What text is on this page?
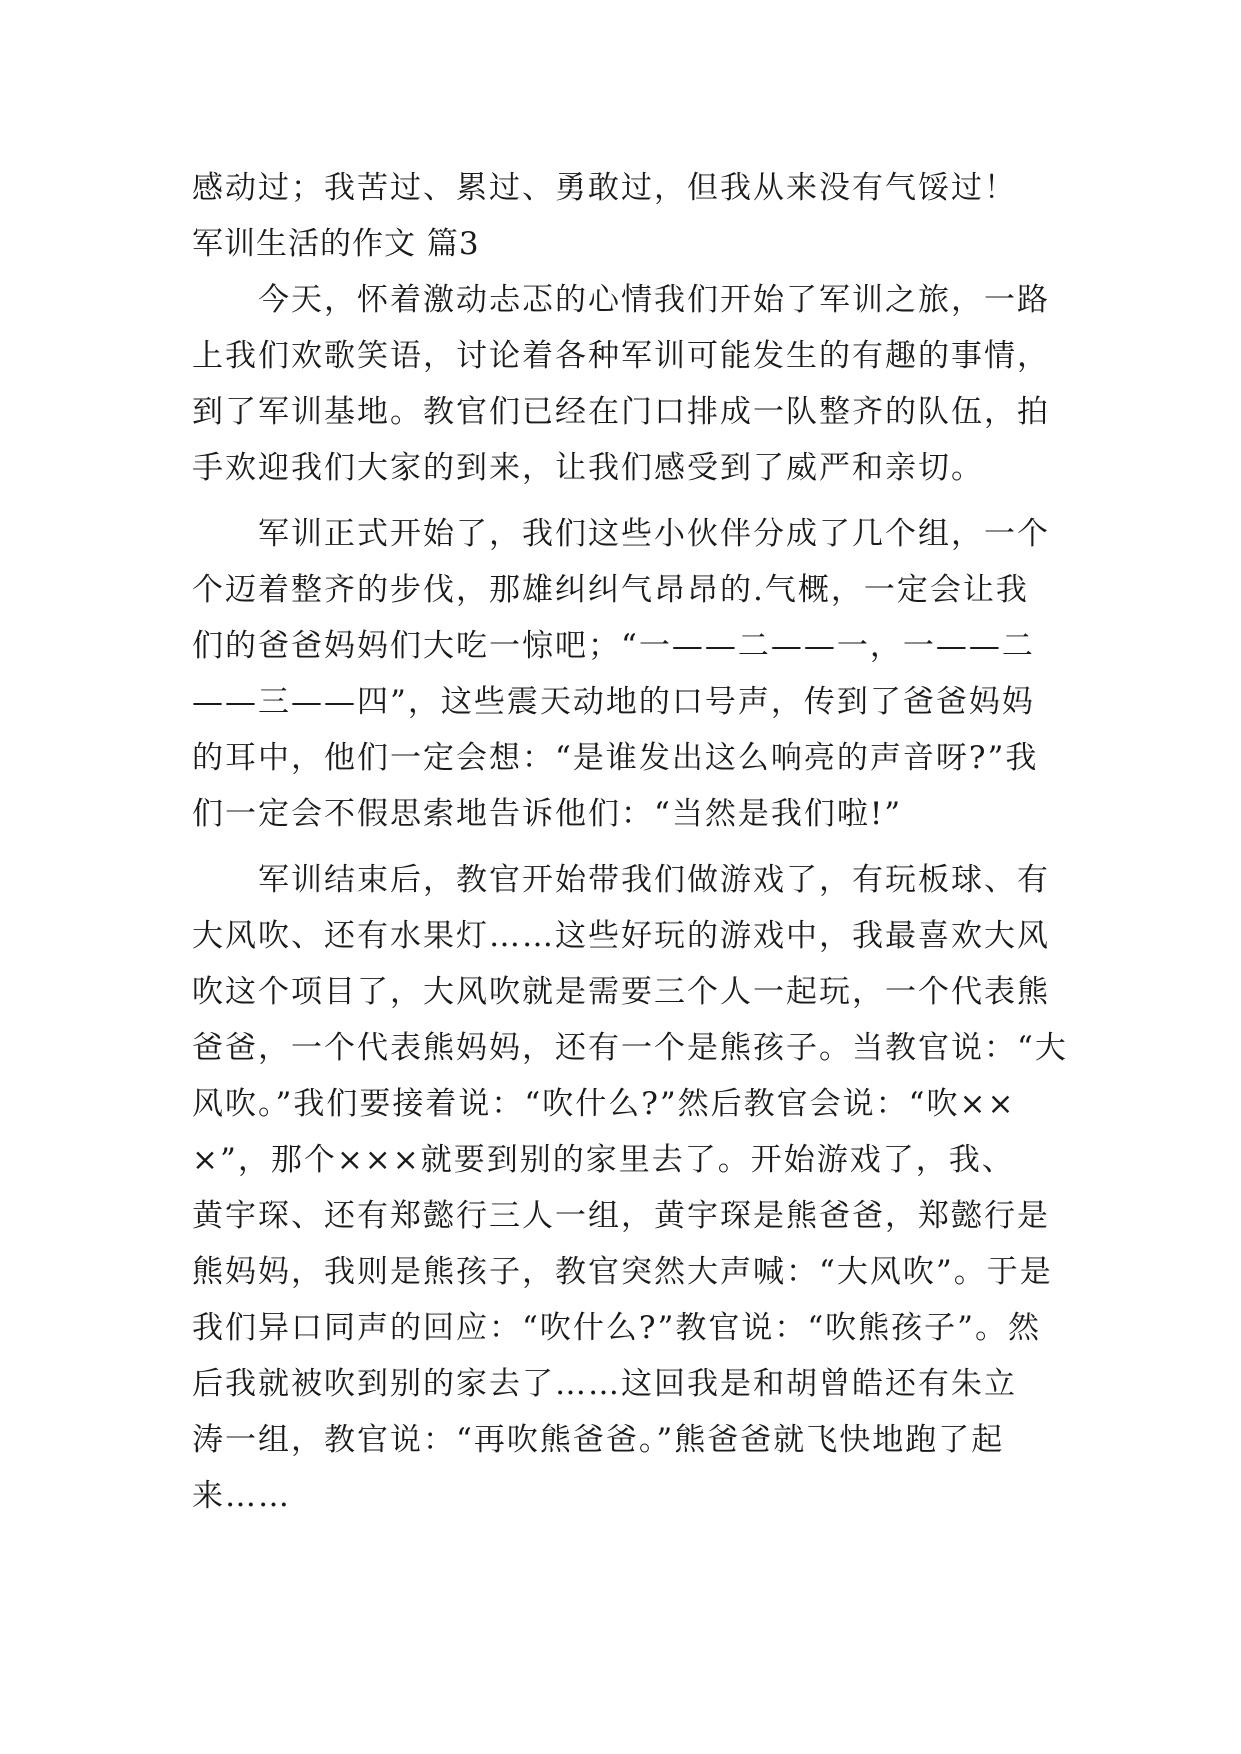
感动过；我苦过、累过、勇敢过，但我从来没有气馁过！
军训生活的作文 篇3
　　今天，怀着激动忐忑的心情我们开始了军训之旅，一路
上我们欢歌笑语，讨论着各种军训可能发生的有趣的事情，
到了军训基地。教官们已经在门口排成一队整齐的队伍，拍
手欢迎我们大家的到来，让我们感受到了威严和亲切。
　　军训正式开始了，我们这些小伙伴分成了几个组，一个
个迈着整齐的步伐，那雄纠纠气昂昂的.气概，一定会让我
们的爸爸妈妈们大吃一惊吧；“一——二——一，一——二
——三——四”，这些震天动地的口号声，传到了爸爸妈妈
的耳中，他们一定会想：“是谁发出这么响亮的声音呀?”我
们一定会不假思索地告诉他们：“当然是我们啦!”
　　军训结束后，教官开始带我们做游戏了，有玩板球、有
大风吹、还有水果灯……这些好玩的游戏中，我最喜欢大风
吹这个项目了，大风吹就是需要三个人一起玩，一个代表熊
爸爸，一个代表熊妈妈，还有一个是熊孩子。当教官说：“大
风吹。”我们要接着说：“吹什么?”然后教官会说：“吹××
×”，那个×××就要到别的家里去了。开始游戏了，我、
黄宇琛、还有郑懿行三人一组，黄宇琛是熊爸爸，郑懿行是
熊妈妈，我则是熊孩子，教官突然大声喊：“大风吹”。于是
我们异口同声的回应：“吹什么?”教官说：“吹熊孩子”。然
后我就被吹到别的家去了……这回我是和胡曾皓还有朱立
涛一组，教官说：“再吹熊爸爸。”熊爸爸就飞快地跑了起
来……
